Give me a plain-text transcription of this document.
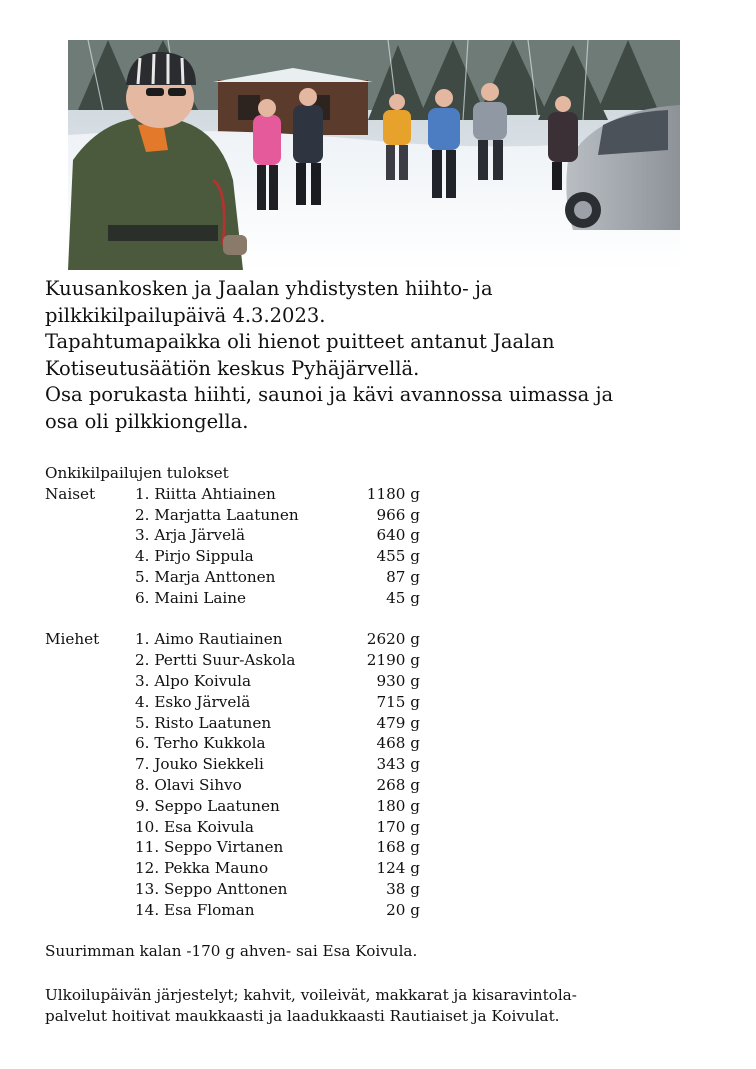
Kuusankosken ja Jaalan yhdistysten hiihto- ja

pilkkikilpailupäivä 4.3.2023.

Tapahtumapaikka oli hienot puitteet antanut Jaalan

Kotiseutusäätiön keskus Pyhäjärvellä.

Osa porukasta hiihti, saunoi ja kävi avannossa uimassa ja

osa oli pilkkiongella.

Onkikilpailujen tulokset

Naiset	1. Riitta Ahtiainen	1180 g
2. Marjatta Laatunen	966 g
3. Arja Järvelä	640 g
4. Pirjo Sippula	455 g
5. Marja Anttonen	87 g
6. Maini Laine	45 g
Miehet 1. Aimo Rautiainen	2620 g
2. Pertti Suur-Askola	2190 g
3. Alpo Koivula	930 g
4. Esko Järvelä	715 g
5. Risto Laatunen	479 g
6. Terho Kukkola	468 g
7. Jouko Siekkeli	343 g
8. Olavi Sihvo	268 g
9. Seppo Laatunen	180 g
10. Esa Koivula	170 g
11. Seppo Virtanen	168 g
12. Pekka Mauno	124 g
13. Seppo Anttonen	38 g
14. Esa Floman	20 g

Suurimman kalan -170 g ahven- sai Esa Koivula.

Ulkoilupäivän järjestelyt; kahvit, voileivät, makkarat ja kisaravintola-

palvelut hoitivat maukkaasti ja laadukkaasti Rautiaiset ja Koivulat.
